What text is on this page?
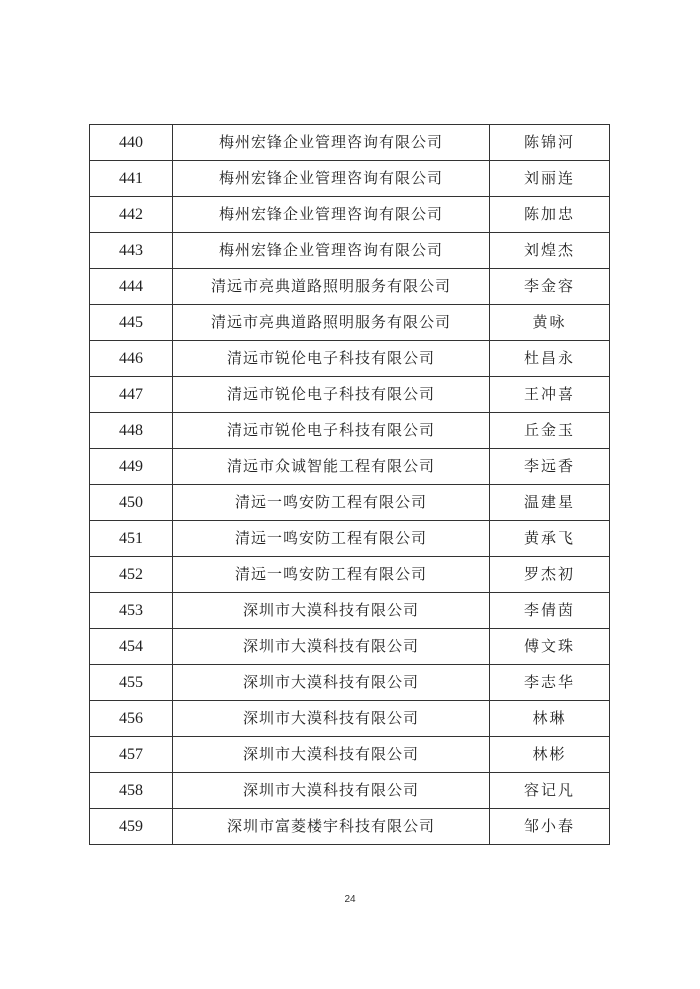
440	梅州宏锋企业管理咨询有限公司	陈锦河
441	梅州宏锋企业管理咨询有限公司	刘丽连
442	梅州宏锋企业管理咨询有限公司	陈加忠
443	梅州宏锋企业管理咨询有限公司	刘煌杰
444	清远市亮典道路照明服务有限公司	李金容
445	清远市亮典道路照明服务有限公司	黄咏
446	清远市锐伦电子科技有限公司	杜昌永
447	清远市锐伦电子科技有限公司	王冲喜
448	清远市锐伦电子科技有限公司	丘金玉
449	清远市众诚智能工程有限公司	李远香
450	清远一鸣安防工程有限公司	温建星
451	清远一鸣安防工程有限公司	黄承飞
452	清远一鸣安防工程有限公司	罗杰初
453	深圳市大漠科技有限公司	李倩茵
454	深圳市大漠科技有限公司	傅文珠
455	深圳市大漠科技有限公司	李志华
456	深圳市大漠科技有限公司	林琳
457	深圳市大漠科技有限公司	林彬
458	深圳市大漠科技有限公司	容记凡
459	深圳市富菱楼宇科技有限公司	邹小春
24
